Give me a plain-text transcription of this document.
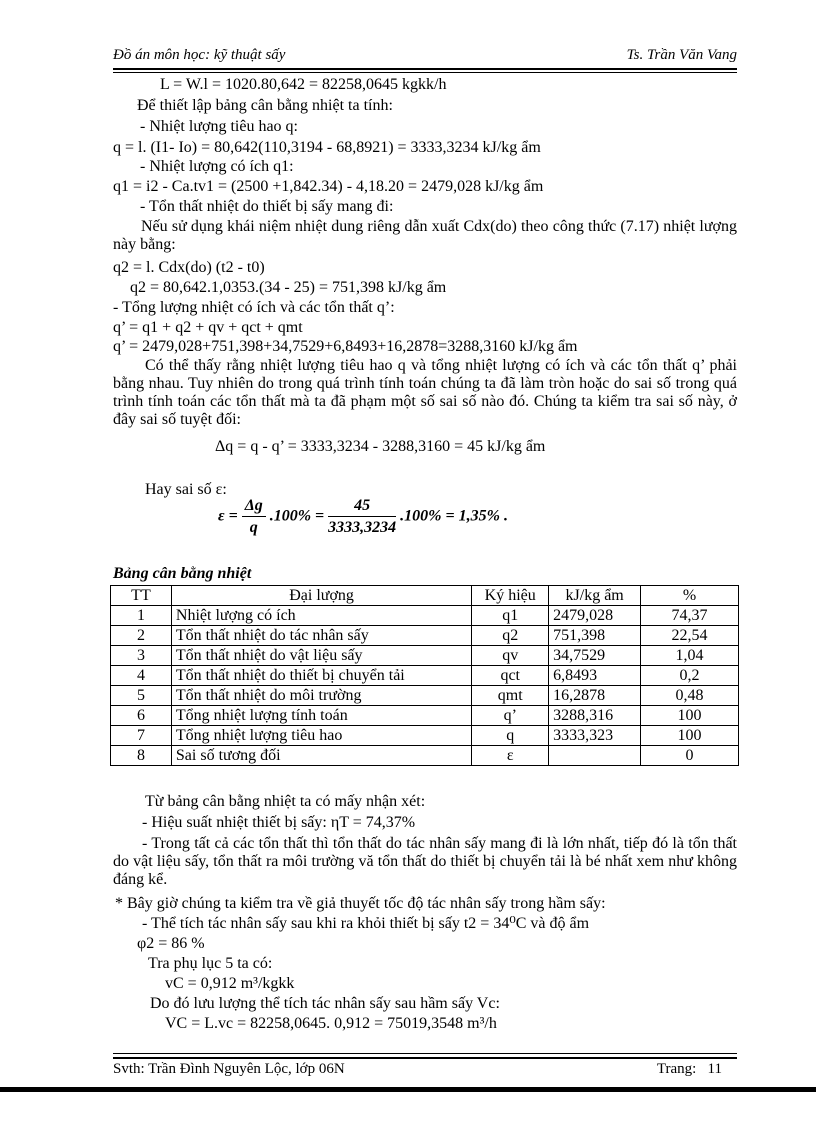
Đồ án môn học: kỹ thuật sấy	Ts. Trần Văn Vang
L = W.l = 1020.80,642 = 82258,0645 kgkk/h
Để thiết lập bảng cân bằng nhiệt ta tính:
- Nhiệt lượng tiêu hao q:
q = l. (I1- Io) = 80,642(110,3194 - 68,8921) = 3333,3234 kJ/kg ẩm
- Nhiệt lượng có ích q1:
q1 = i2 - Ca.tv1 = (2500 +1,842.34) - 4,18.20 = 2479,028 kJ/kg ẩm
- Tổn thất nhiệt do thiết bị sấy mang đi:
Nếu sử dụng khái niệm nhiệt dung riêng dẫn xuất Cdx(do) theo công thức (7.17) nhiệt lượng này bằng:
q2 = l. Cdx(do) (t2 - t0)
q2 = 80,642.1,0353.(34 - 25) = 751,398 kJ/kg ẩm
- Tổng lượng nhiệt có ích và các tổn thất q’:
q’ = q1 + q2 + qv + qct + qmt
q’ = 2479,028+751,398+34,7529+6,8493+16,2878=3288,3160 kJ/kg ẩm
Có thể thấy rằng nhiệt lượng tiêu hao q và tổng nhiệt lượng có ích và các tổn thất q’ phải bằng nhau. Tuy nhiên do trong quá trình tính toán chúng ta đã làm tròn hoặc do sai số trong quá trình tính toán các tổn thất mà ta đã phạm một số sai số nào đó. Chúng ta kiểm tra sai số này, ở đây sai số tuyệt đối:
Δq = q - q’ = 3333,3234 - 3288,3160 = 45 kJ/kg ẩm
Hay sai số ε:
$\varepsilon = \frac{\Delta g}{q} .100\% = \frac{45}{3333,3234} .100\% = 1,35\%$ .
Bảng cân bằng nhiệt
TT	Đại lượng	Ký hiệu	kJ/kg ẩm	%
1	Nhiệt lượng có ích	q1	2479,028	74,37
2	Tổn thất nhiệt do tác nhân sấy	q2	751,398	22,54
3	Tổn thất nhiệt do vật liệu sấy	qv	34,7529	1,04
4	Tổn thất nhiệt do thiết bị chuyển tải	qct	6,8493	0,2
5	Tổn thất nhiệt do môi trường	qmt	16,2878	0,48
6	Tổng nhiệt lượng tính toán	q’	3288,316	100
7	Tổng nhiệt lượng tiêu hao	q	3333,323	100
8	Sai số tương đối	ε		0
Từ bảng cân bằng nhiệt ta có mấy nhận xét:
- Hiệu suất nhiệt thiết bị sấy: ηT = 74,37%
- Trong tất cả các tổn thất thì tổn thất do tác nhân sấy mang đi là lớn nhất, tiếp đó là tổn thất do vật liệu sấy, tổn thất ra môi trường vă tổn thất do thiết bị chuyển tải là bé nhất xem như không đáng kể.
* Bây giờ chúng ta kiểm tra về giả thuyết tốc độ tác nhân sấy trong hầm sấy:
- Thể tích tác nhân sấy sau khi ra khỏi thiết bị sấy t2 = 34⁰C và độ ẩm
φ2 = 86 %
Tra phụ lục 5 ta có:
vC = 0,912 m³/kgkk
Do đó lưu lượng thể tích tác nhân sấy sau hầm sấy Vc:
VC = L.vc = 82258,0645. 0,912 = 75019,3548 m³/h
Svth: Trần Đình Nguyên Lộc, lớp 06N	Trang: 11
